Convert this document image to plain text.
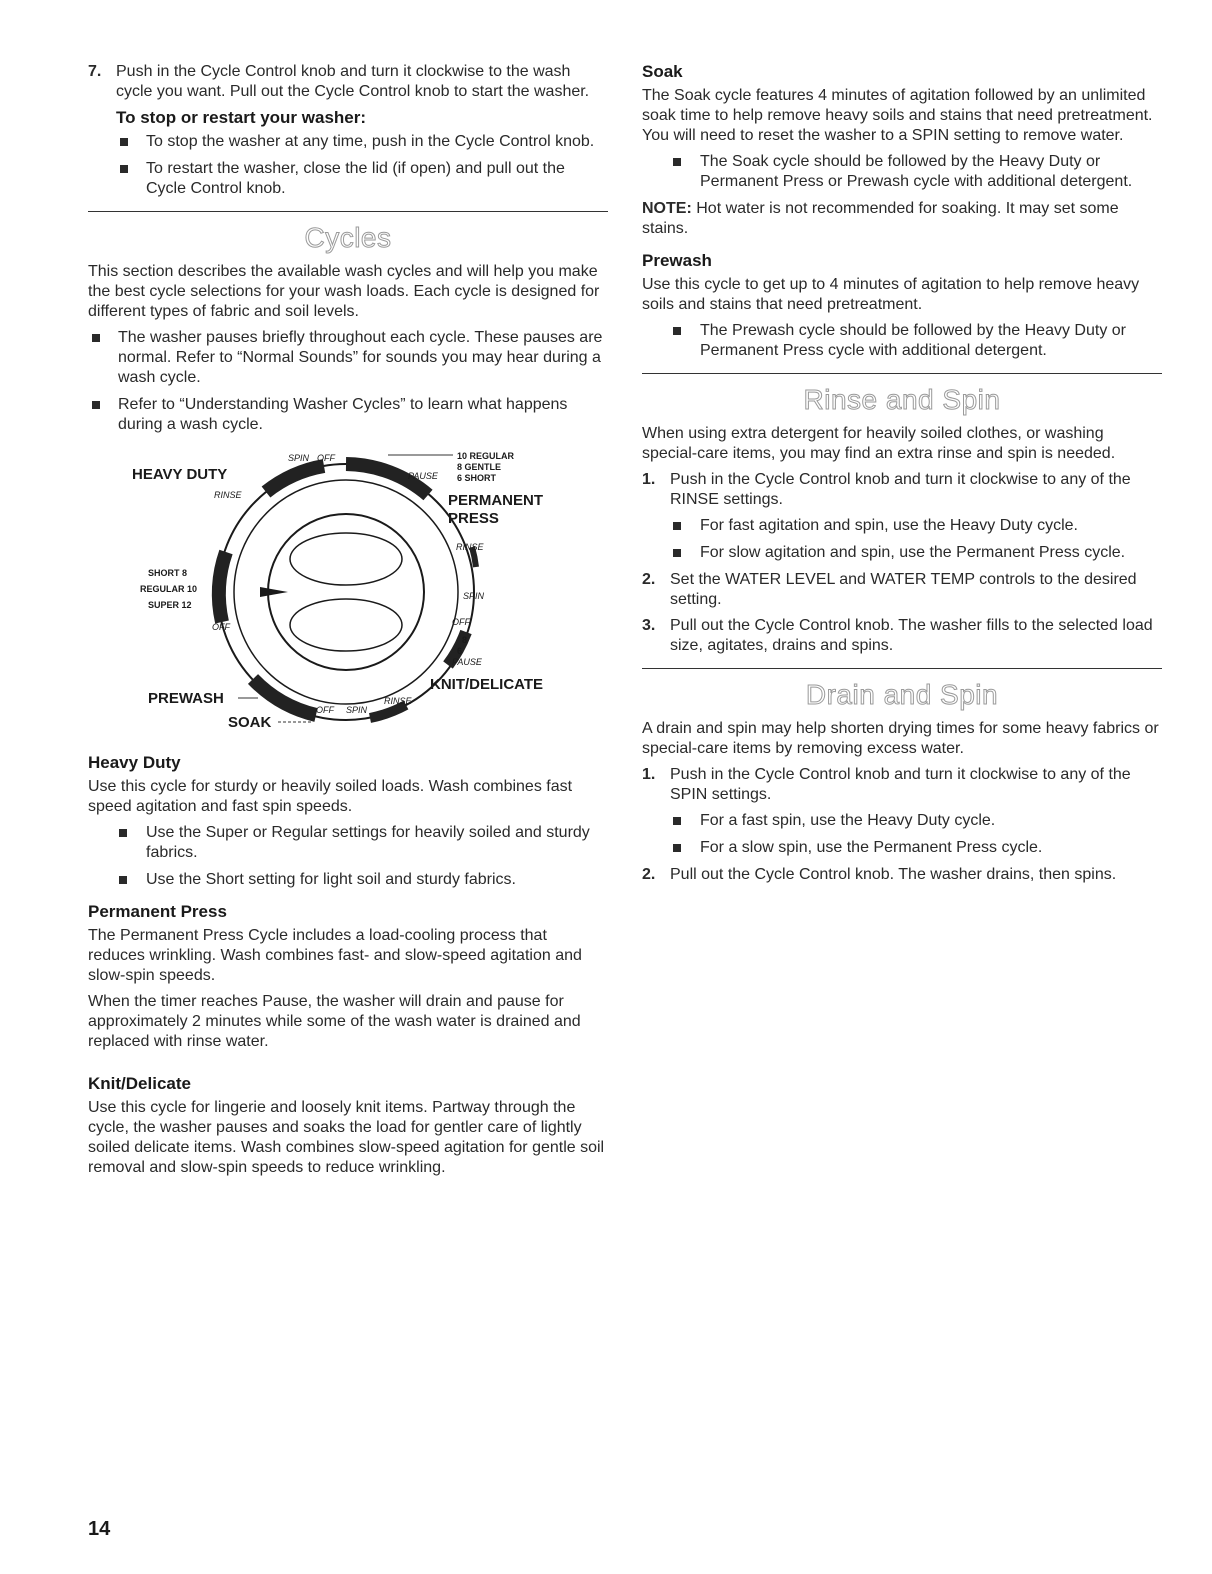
7. Push in the Cycle Control knob and turn it clockwise to the wash cycle you want. Pull out the Cycle Control knob to start the washer.
To stop or restart your washer:
To stop the washer at any time, push in the Cycle Control knob.
To restart the washer, close the lid (if open) and pull out the Cycle Control knob.
Cycles

This section describes the available wash cycles and will help you make the best cycle selections for your wash loads. Each cycle is designed for different types of fabric and soil levels.

The washer pauses briefly throughout each cycle. These pauses are normal. Refer to “Normal Sounds” for sounds you may hear during a wash cycle.
Refer to “Understanding Washer Cycles” to learn what happens during a wash cycle.
HEAVY DUTY
SPIN OFF
RINSE
PAUSE
10 REGULAR
8 GENTLE
6 SHORT
PERMANENT
PRESS
RINSE
SPIN
OFF
8
6
PAUSE
SHORT 8
REGULAR 10
SUPER 12
OFF
KNIT/DELICATE
PREWASH
SOAK
OFF SPIN
RINSE
Heavy Duty

Use this cycle for sturdy or heavily soiled loads. Wash combines fast speed agitation and fast spin speeds.

Use the Super or Regular settings for heavily soiled and sturdy fabrics.
Use the Short setting for light soil and sturdy fabrics.
Permanent Press

The Permanent Press Cycle includes a load-cooling process that reduces wrinkling. Wash combines fast- and slow-speed agitation and slow-spin speeds.

When the timer reaches Pause, the washer will drain and pause for approximately 2 minutes while some of the wash water is drained and replaced with rinse water.

Knit/Delicate

Use this cycle for lingerie and loosely knit items. Partway through the cycle, the washer pauses and soaks the load for gentler care of lightly soiled delicate items. Wash combines slow-speed agitation for gentle soil removal and slow-spin speeds to reduce wrinkling.

Soak

The Soak cycle features 4 minutes of agitation followed by an unlimited soak time to help remove heavy soils and stains that need pretreatment. You will need to reset the washer to a SPIN setting to remove water.

The Soak cycle should be followed by the Heavy Duty or Permanent Press or Prewash cycle with additional detergent.

NOTE: Hot water is not recommended for soaking. It may set some stains.

Prewash

Use this cycle to get up to 4 minutes of agitation to help remove heavy soils and stains that need pretreatment.

The Prewash cycle should be followed by the Heavy Duty or Permanent Press cycle with additional detergent.
Rinse and Spin

When using extra detergent for heavily soiled clothes, or washing special-care items, you may find an extra rinse and spin is needed.

1. Push in the Cycle Control knob and turn it clockwise to any of the RINSE settings.
For fast agitation and spin, use the Heavy Duty cycle.
For slow agitation and spin, use the Permanent Press cycle.
2. Set the WATER LEVEL and WATER TEMP controls to the desired setting.
3. Pull out the Cycle Control knob. The washer fills to the selected load size, agitates, drains and spins.
Drain and Spin

A drain and spin may help shorten drying times for some heavy fabrics or special-care items by removing excess water.

1. Push in the Cycle Control knob and turn it clockwise to any of the SPIN settings.
For a fast spin, use the Heavy Duty cycle.
For a slow spin, use the Permanent Press cycle.
2. Pull out the Cycle Control knob. The washer drains, then spins.
14
